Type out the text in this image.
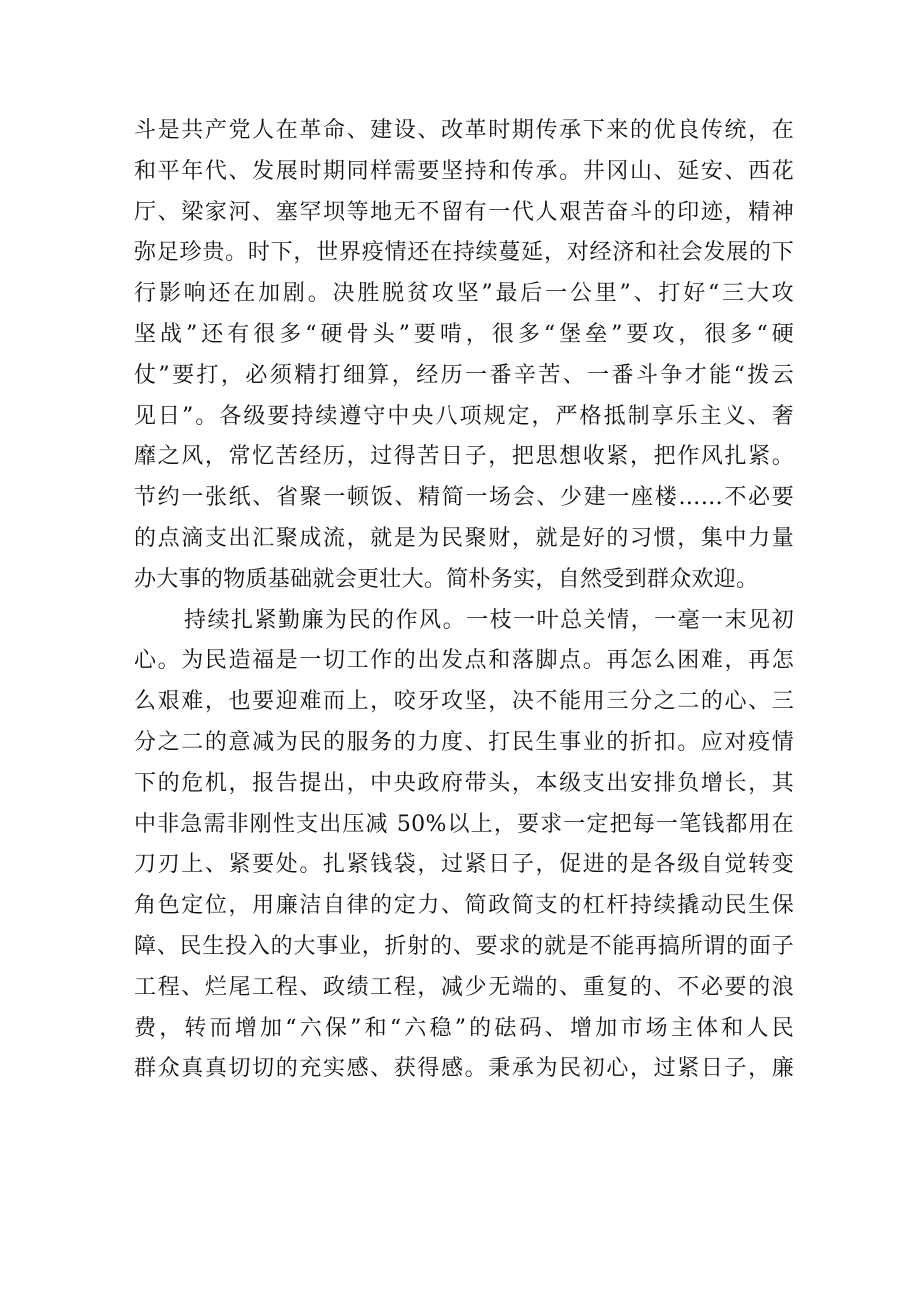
斗是共产党人在革命、建设、改革时期传承下来的优良传统，在
和平年代、发展时期同样需要坚持和传承。井冈山、延安、西花
厅、梁家河、塞罕坝等地无不留有一代人艰苦奋斗的印迹，精神
弥足珍贵。时下，世界疫情还在持续蔓延，对经济和社会发展的下
行影响还在加剧。决胜脱贫攻坚”最后一公里”、打好“三大攻
坚战”还有很多“硬骨头”要啃，很多“堡垒”要攻，很多“硬
仗”要打，必须精打细算，经历一番辛苦、一番斗争才能“拨云
见日”。各级要持续遵守中央八项规定，严格抵制享乐主义、奢
靡之风，常忆苦经历，过得苦日子，把思想收紧，把作风扎紧。
节约一张纸、省聚一顿饭、精简一场会、少建一座楼……不必要
的点滴支出汇聚成流，就是为民聚财，就是好的习惯，集中力量
办大事的物质基础就会更壮大。简朴务实，自然受到群众欢迎。
持续扎紧勤廉为民的作风。一枝一叶总关情，一毫一末见初
心。为民造福是一切工作的出发点和落脚点。再怎么困难，再怎
么艰难，也要迎难而上，咬牙攻坚，决不能用三分之二的心、三
分之二的意减为民的服务的力度、打民生事业的折扣。应对疫情
下的危机，报告提出，中央政府带头，本级支出安排负增长，其
中非急需非刚性支出压减 50%以上，要求一定把每一笔钱都用在
刀刃上、紧要处。扎紧钱袋，过紧日子，促进的是各级自觉转变
角色定位，用廉洁自律的定力、简政简支的杠杆持续撬动民生保
障、民生投入的大事业，折射的、要求的就是不能再搞所谓的面子
工程、烂尾工程、政绩工程，减少无端的、重复的、不必要的浪
费，转而增加“六保”和“六稳”的砝码、增加市场主体和人民
群众真真切切的充实感、获得感。秉承为民初心，过紧日子，廉
